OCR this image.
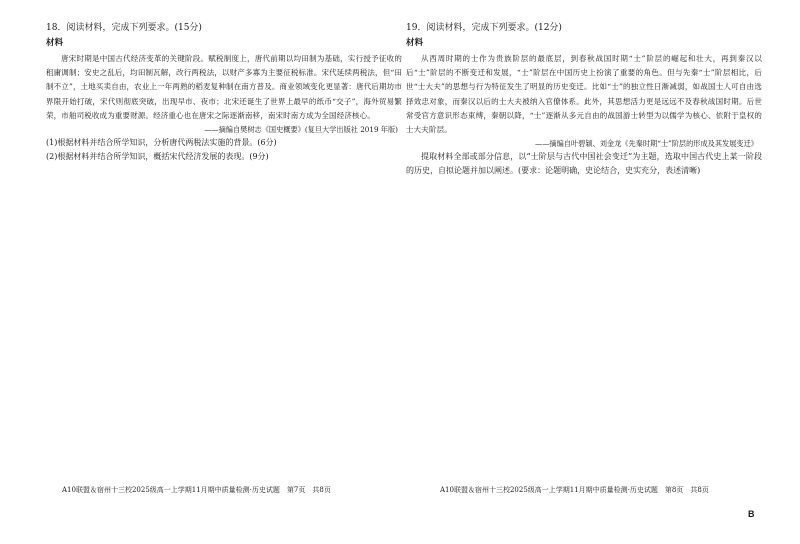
18．阅读材料，完成下列要求。(15分)

材料

唐宋时期是中国古代经济变革的关键阶段。赋税制度上，唐代前期以均田制为基础，实行授予征收的租庸调制；安史之乱后，均田制瓦解，改行两税法，以财产多寡为主要征税标准。宋代延续两税法，但“田制不立”，土地买卖自由，农业上一年两熟的稻麦复种制在南方普及。商业领域变化更显著：唐代后期坊市界限开始打破，宋代则彻底突破，出现早市、夜市；北宋还诞生了世界上最早的纸币“交子”，海外贸易繁荣，市舶司税收成为重要财源。经济重心也在唐宋之际逐渐南移，南宋时南方成为全国经济核心。

——摘编自樊树志《国史概要》(复旦大学出版社 2019 年版)

(1)根据材料并结合所学知识，分析唐代两税法实施的背景。(6分)

(2)根据材料并结合所学知识，概括宋代经济发展的表现。(9分)

19．阅读材料，完成下列要求。(12分)

材料

从西周时期的士作为贵族阶层的最底层，到春秋战国时期“士”阶层的崛起和壮大，再到秦汉以后“士”阶层的不断变迁和发展，“士”阶层在中国历史上扮演了重要的角色。但与先秦“士”阶层相比，后世“士大夫”的思想与行为特征发生了明显的历史变迁。比如“士”的独立性日渐减弱，如战国士人可自由选择效忠对象，而秦汉以后的士大夫被纳入官僚体系。此外，其思想活力更是远远不及春秋战国时期。后世常受官方意识形态束缚，秦朝以降，“士”逐渐从多元自由的战国游士转型为以儒学为核心、依附于皇权的士大夫阶层。

——摘编自叶碧颖、刘金龙《先秦时期“士”阶层的形成及其发展变迁》

提取材料全部或部分信息，以“士阶层与古代中国社会变迁”为主题，选取中国古代史上某一阶段的历史，自拟论题并加以阐述。(要求：论题明确，史论结合，史实充分，表述清晰)

A10联盟＆宿州十三校2025级高一上学期11月期中质量检测·历史试题　第7页　共8页	A10联盟＆宿州十三校2025级高一上学期11月期中质量检测·历史试题　第8页　共8页
B
